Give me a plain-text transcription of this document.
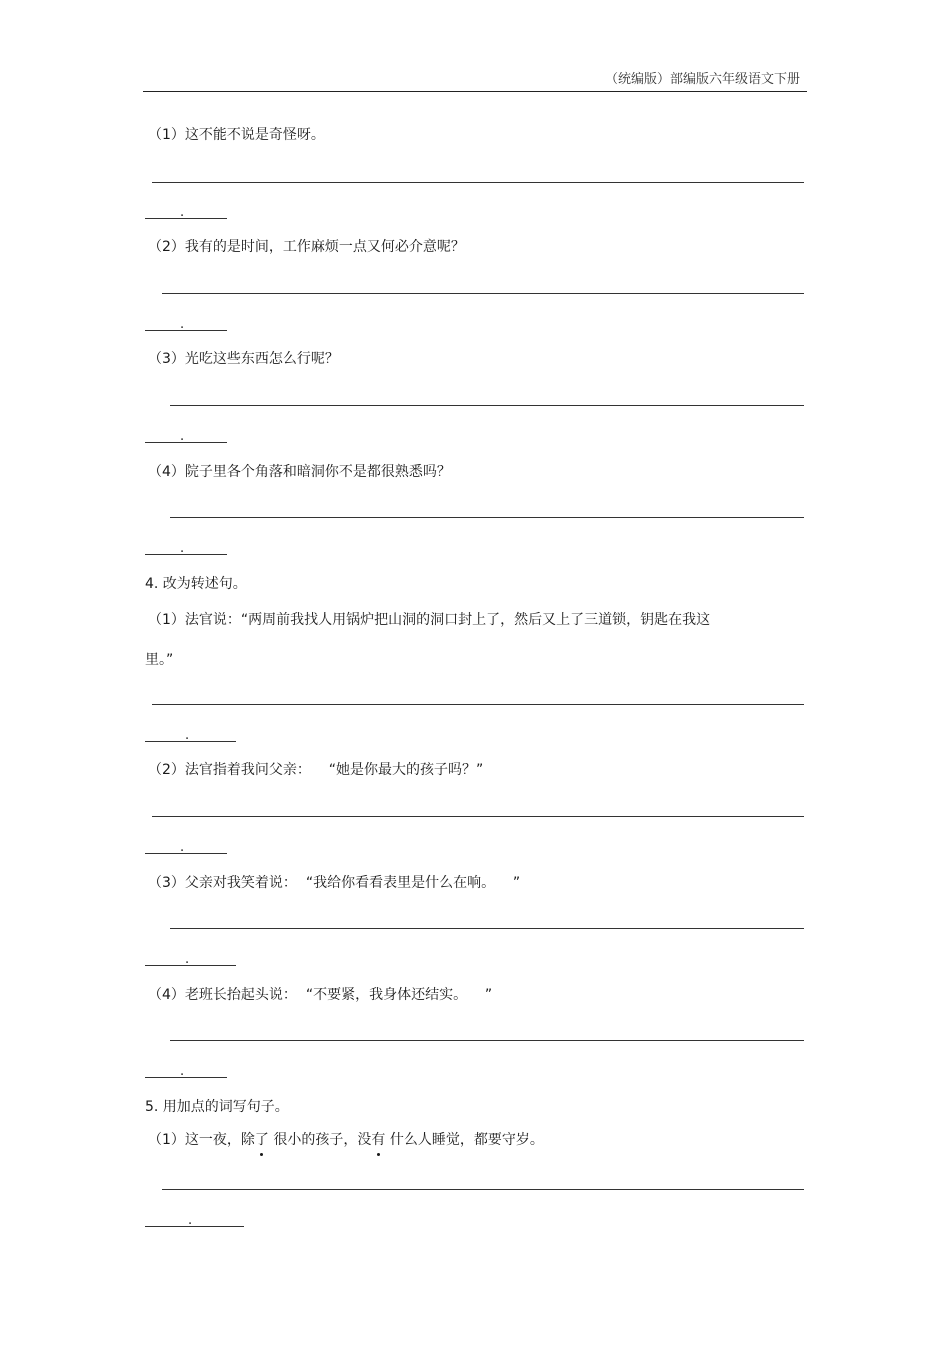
（统编版）部编版六年级语文下册
（1）这不能不说是奇怪呀。
.
（2）我有的是时间，工作麻烦一点又何必介意呢？
.
（3）光吃这些东西怎么行呢？
.
（4）院子里各个角落和暗洞你不是都很熟悉吗？
.
4. 改为转述句。
（1）法官说：“两周前我找人用锅炉把山洞的洞口封上了，然后又上了三道锁，钥匙在我这
里。”
.
（2）法官指着我问父亲：    “她是你最大的孩子吗？”
.
（3）父亲对我笑着说：  “我给你看看表里是什么在响。    ”
.
（4）老班长抬起头说：  “不要紧，我身体还结实。    ”
.
5. 用加点的词写句子。
（1）这一夜，除了
很小的孩子，没有
什么人睡觉，都要守岁。
.
